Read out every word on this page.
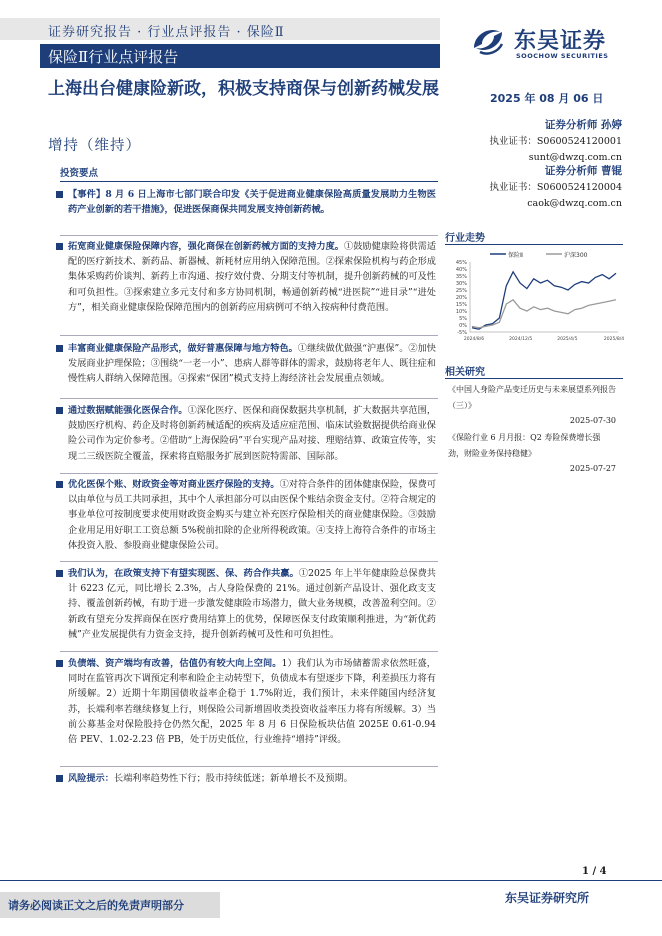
证券研究报告 · 行业点评报告 · 保险Ⅱ	东吴证券
SOOCHOW SECURITIES
保险Ⅱ行业点评报告
上海出台健康险新政，积极支持商保与创新药械发展
增持（维持）
2025 年 08 月 06 日
证券分析师 孙婷
执业证书：S0600524120001
sunt@dwzq.com.cn
证券分析师 曹锟
执业证书：S0600524120004
caok@dwzq.com.cn
行业走势
保险Ⅱ	沪深300
45%
40%
35%
30%
25%
20%
15%
10%
5%
0%
-5%
2024/8/6	2024/12/5	2025/4/5	2025/8/4
相关研究
《中国人身险产品变迁历史与未来展望系列报告（三）》
2025-07-30
《保险行业 6 月月报：Q2 寿险保费增长强劲，财险业务保持稳健》
2025-07-27
投资要点
【事件】8 月 6 日上海市七部门联合印发《关于促进商业健康保险高质量发展助力生物医药产业创新的若干措施》，促进医保商保共同发展支持创新药械。
拓宽商业健康保险保障内容，强化商保在创新药械方面的支持力度。①鼓励健康险将供需适配的医疗新技术、新药品、新器械、新耗材应用纳入保障范围。②探索保险机构与药企形成集体采购药价谈判、新药上市沟通、按疗效付费、分期支付等机制，提升创新药械的可及性和可负担性。③探索建立多元支付和多方协同机制，畅通创新药械“进医院”“进目录”“进处方”，相关商业健康保险保障范围内的创新药应用病例可不纳入按病种付费范围。
丰富商业健康保险产品形式，做好普惠保障与地方特色。①继续做优做强“沪惠保”。②加快发展商业护理保险；③围绕“一老一小”、患病人群等群体的需求，鼓励将老年人、既往症和慢性病人群纳入保障范围。④探索“保团”模式支持上海经济社会发展重点领域。
通过数据赋能强化医保合作。①深化医疗、医保和商保数据共享机制，扩大数据共享范围，鼓励医疗机构、药企及时将创新药械适配的疾病及适应症范围、临床试验数据提供给商业保险公司作为定价参考。②借助“上海保险码”平台实现产品对接、理赔结算、政策宣传等，实现二三级医院全覆盖，探索将直赔服务扩展到医院特需部、国际部。
优化医保个账、财政资金等对商业医疗保险的支持。①对符合条件的团体健康保险，保费可以由单位与员工共同承担，其中个人承担部分可以由医保个账结余资金支付。②符合规定的事业单位可按制度要求使用财政资金购买与建立补充医疗保险相关的商业健康保险。③鼓励企业用足用好职工工资总额 5%税前扣除的企业所得税政策。④支持上海符合条件的市场主体投资入股、参股商业健康保险公司。
我们认为，在政策支持下有望实现医、保、药合作共赢。①2025 年上半年健康险总保费共计 6223 亿元，同比增长 2.3%，占人身险保费的 21%。通过创新产品设计、强化政支支持、覆盖创新药械，有助于进一步激发健康险市场潜力，做大业务规模，改善盈利空间。②新政有望充分发挥商保在医疗费用结算上的优势，保障医保支付政策顺利推进，为“新优药械”产业发展提供有力资金支持，提升创新药械可及性和可负担性。
负债端、资产端均有改善，估值仍有较大向上空间。1）我们认为市场储蓄需求依然旺盛，同时在监管再次下调预定利率和险企主动转型下，负债成本有望逐步下降，利差损压力将有所缓解。2）近期十年期国债收益率企稳于 1.7%附近，我们预计，未来伴随国内经济复苏，长端利率若继续修复上行，则保险公司新增固收类投资收益率压力将有所缓解。3）当前公募基金对保险股持仓仍然欠配，2025 年 8 月 6 日保险板块估值 2025E 0.61-0.94 倍 PEV、1.02-2.23 倍 PB，处于历史低位，行业维持“增持”评级。
风险提示：长端利率趋势性下行；股市持续低迷；新单增长不及预期。
1 / 4
请务必阅读正文之后的免责声明部分
东吴证券研究所
